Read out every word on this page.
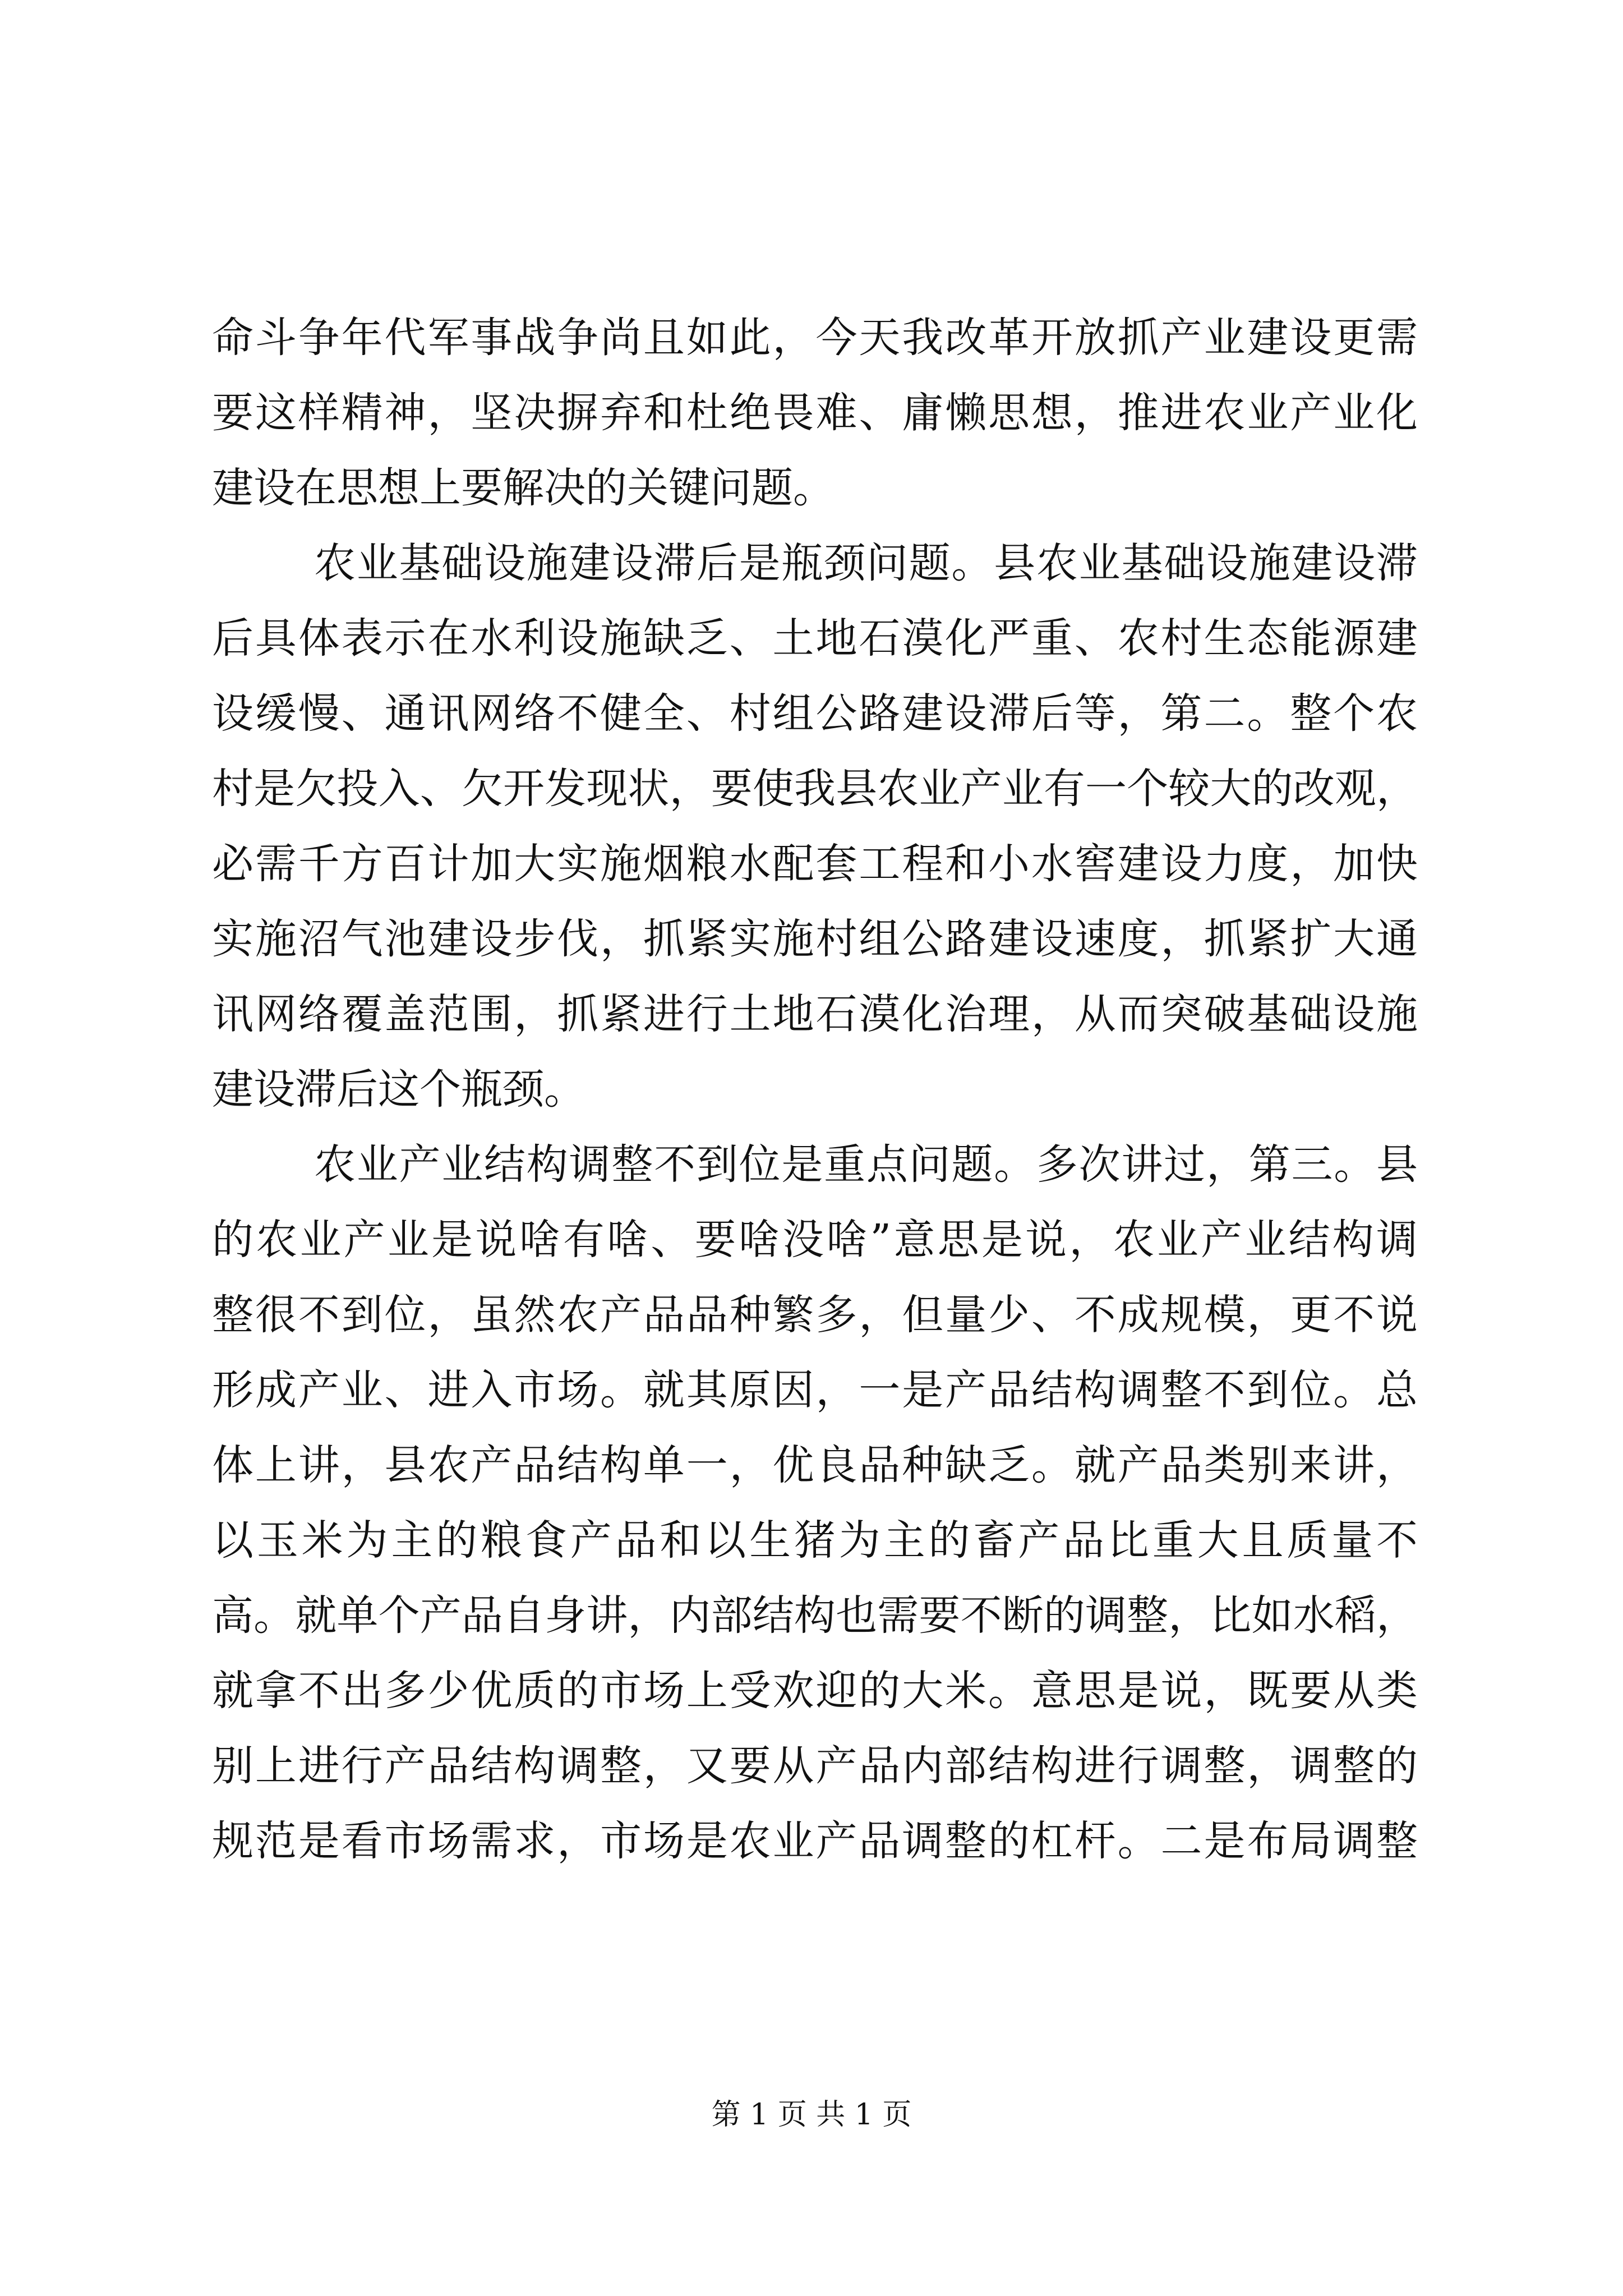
命斗争年代军事战争尚且如此，今天我改革开放抓产业建设更需
要这样精神，坚决摒弃和杜绝畏难、庸懒思想，推进农业产业化
建设在思想上要解决的关键问题。
农业基础设施建设滞后是瓶颈问题。县农业基础设施建设滞
后具体表示在水利设施缺乏、土地石漠化严重、农村生态能源建
设缓慢、通讯网络不健全、村组公路建设滞后等，第二。整个农
村是欠投入、欠开发现状，要使我县农业产业有一个较大的改观，
必需千方百计加大实施烟粮水配套工程和小水窖建设力度，加快
实施沼气池建设步伐，抓紧实施村组公路建设速度，抓紧扩大通
讯网络覆盖范围，抓紧进行土地石漠化治理，从而突破基础设施
建设滞后这个瓶颈。
农业产业结构调整不到位是重点问题。多次讲过，第三。县
的农业产业是说啥有啥、要啥没啥”意思是说，农业产业结构调
整很不到位，虽然农产品品种繁多，但量少、不成规模，更不说
形成产业、进入市场。就其原因，一是产品结构调整不到位。总
体上讲，县农产品结构单一，优良品种缺乏。就产品类别来讲，
以玉米为主的粮食产品和以生猪为主的畜产品比重大且质量不
高。就单个产品自身讲，内部结构也需要不断的调整，比如水稻，
就拿不出多少优质的市场上受欢迎的大米。意思是说，既要从类
别上进行产品结构调整，又要从产品内部结构进行调整，调整的
规范是看市场需求，市场是农业产品调整的杠杆。二是布局调整
第 1 页 共 1 页
